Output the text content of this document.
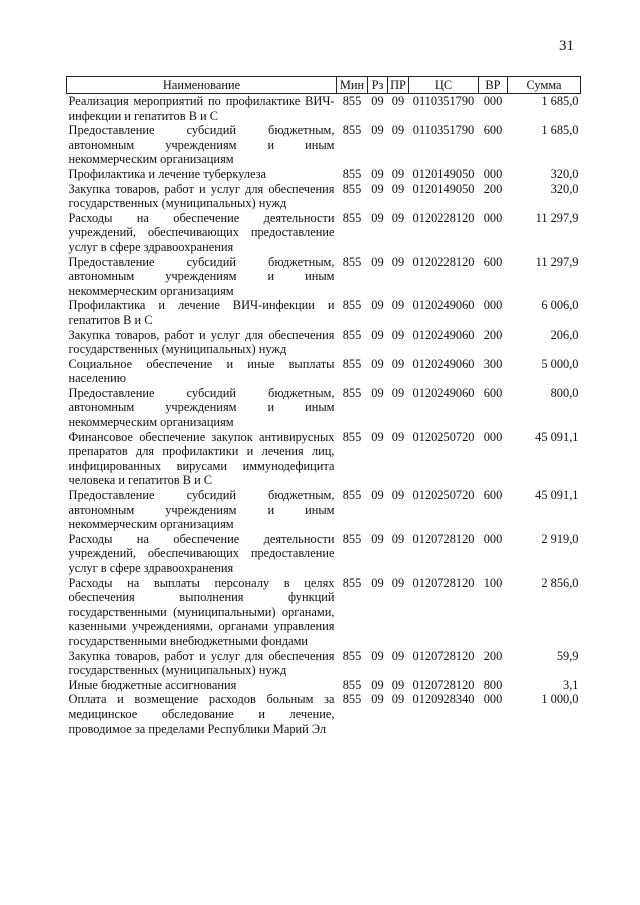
31
Наименование	Мин	Рз	ПР	ЦС	ВР	Сумма
Реализация мероприятий по профилактике ВИЧ-инфекции и гепатитов В и С	855	09	09	0110351790	000	1 685,0
Предоставление субсидий бюджетным, автономным учреждениям и иным некоммерческим организациям	855	09	09	0110351790	600	1 685,0
Профилактика и лечение туберкулеза	855	09	09	0120149050	000	320,0
Закупка товаров, работ и услуг для обеспечения государственных (муниципальных) нужд	855	09	09	0120149050	200	320,0
Расходы на обеспечение деятельности учреждений, обеспечивающих предоставление услуг в сфере здравоохранения	855	09	09	0120228120	000	11 297,9
Предоставление субсидий бюджетным, автономным учреждениям и иным некоммерческим организациям	855	09	09	0120228120	600	11 297,9
Профилактика и лечение ВИЧ-инфекции и гепатитов В и С	855	09	09	0120249060	000	6 006,0
Закупка товаров, работ и услуг для обеспечения государственных (муниципальных) нужд	855	09	09	0120249060	200	206,0
Социальное обеспечение и иные выплаты населению	855	09	09	0120249060	300	5 000,0
Предоставление субсидий бюджетным, автономным учреждениям и иным некоммерческим организациям	855	09	09	0120249060	600	800,0
Финансовое обеспечение закупок антивирусных препаратов для профилактики и лечения лиц, инфицированных вирусами иммунодефицита человека и гепатитов В и С	855	09	09	0120250720	000	45 091,1
Предоставление субсидий бюджетным, автономным учреждениям и иным некоммерческим организациям	855	09	09	0120250720	600	45 091,1
Расходы на обеспечение деятельности учреждений, обеспечивающих предоставление услуг в сфере здравоохранения	855	09	09	0120728120	000	2 919,0
Расходы на выплаты персоналу в целях обеспечения выполнения функций государственными (муниципальными) органами, казенными учреждениями, органами управления государственными внебюджетными фондами	855	09	09	0120728120	100	2 856,0
Закупка товаров, работ и услуг для обеспечения государственных (муниципальных) нужд	855	09	09	0120728120	200	59,9
Иные бюджетные ассигнования	855	09	09	0120728120	800	3,1
Оплата и возмещение расходов больным за медицинское обследование и лечение, проводимое за пределами Республики Марий Эл	855	09	09	0120928340	000	1 000,0
